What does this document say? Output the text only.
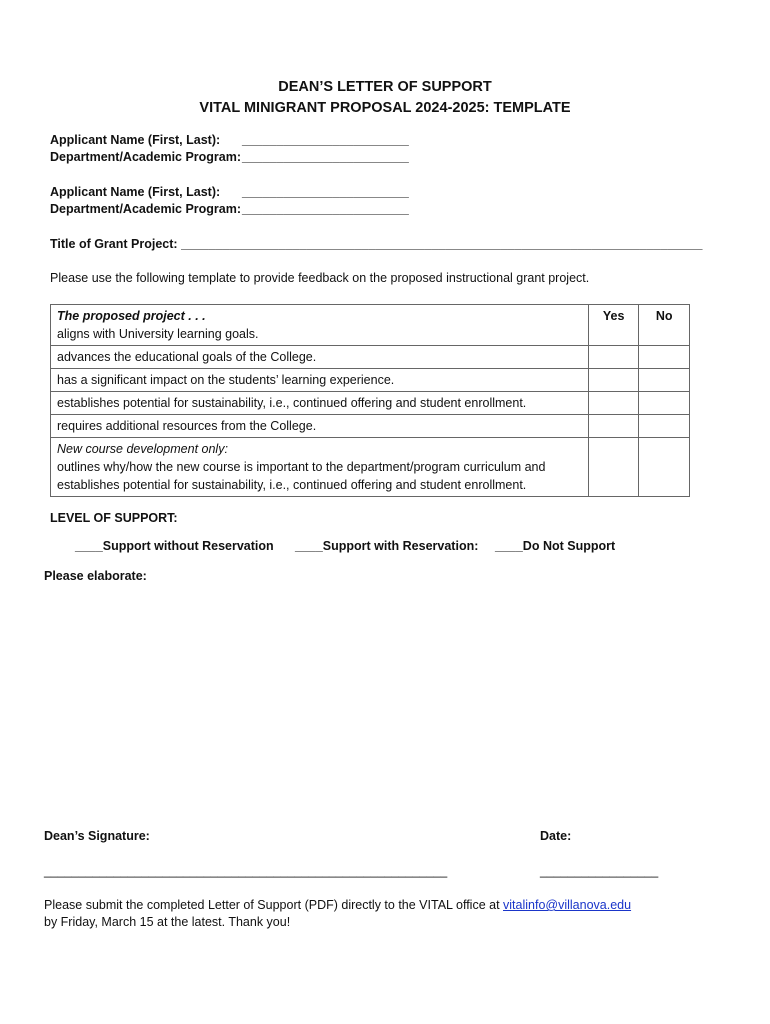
DEAN’S LETTER OF SUPPORT
VITAL MINIGRANT PROPOSAL 2024-2025: TEMPLATE
Applicant Name (First, Last): ________________________
Department/Academic Program:________________________
Applicant Name (First, Last): ________________________
Department/Academic Program:________________________
Title of Grant Project: ___________________________________________________________________________
Please use the following template to provide feedback on the proposed instructional grant project.
The proposed project . . .
aligns with University learning goals.	Yes	No
advances the educational goals of the College.		
has a significant impact on the students’ learning experience.		
establishes potential for sustainability, i.e., continued offering and student enrollment.		
requires additional resources from the College.		

New course development only:
outlines why/how the new course is important to the department/program curriculum and
establishes potential for sustainability, i.e., continued offering and student enrollment.		

LEVEL OF SUPPORT:
____Support without Reservation ____Support with Reservation: ____Do Not Support
Please elaborate:
Dean’s Signature:	Date:
__________________________________________________________	_________________
Please submit the completed Letter of Support (PDF) directly to the VITAL office at vitalinfo@villanova.edu
by Friday, March 15 at the latest. Thank you!
